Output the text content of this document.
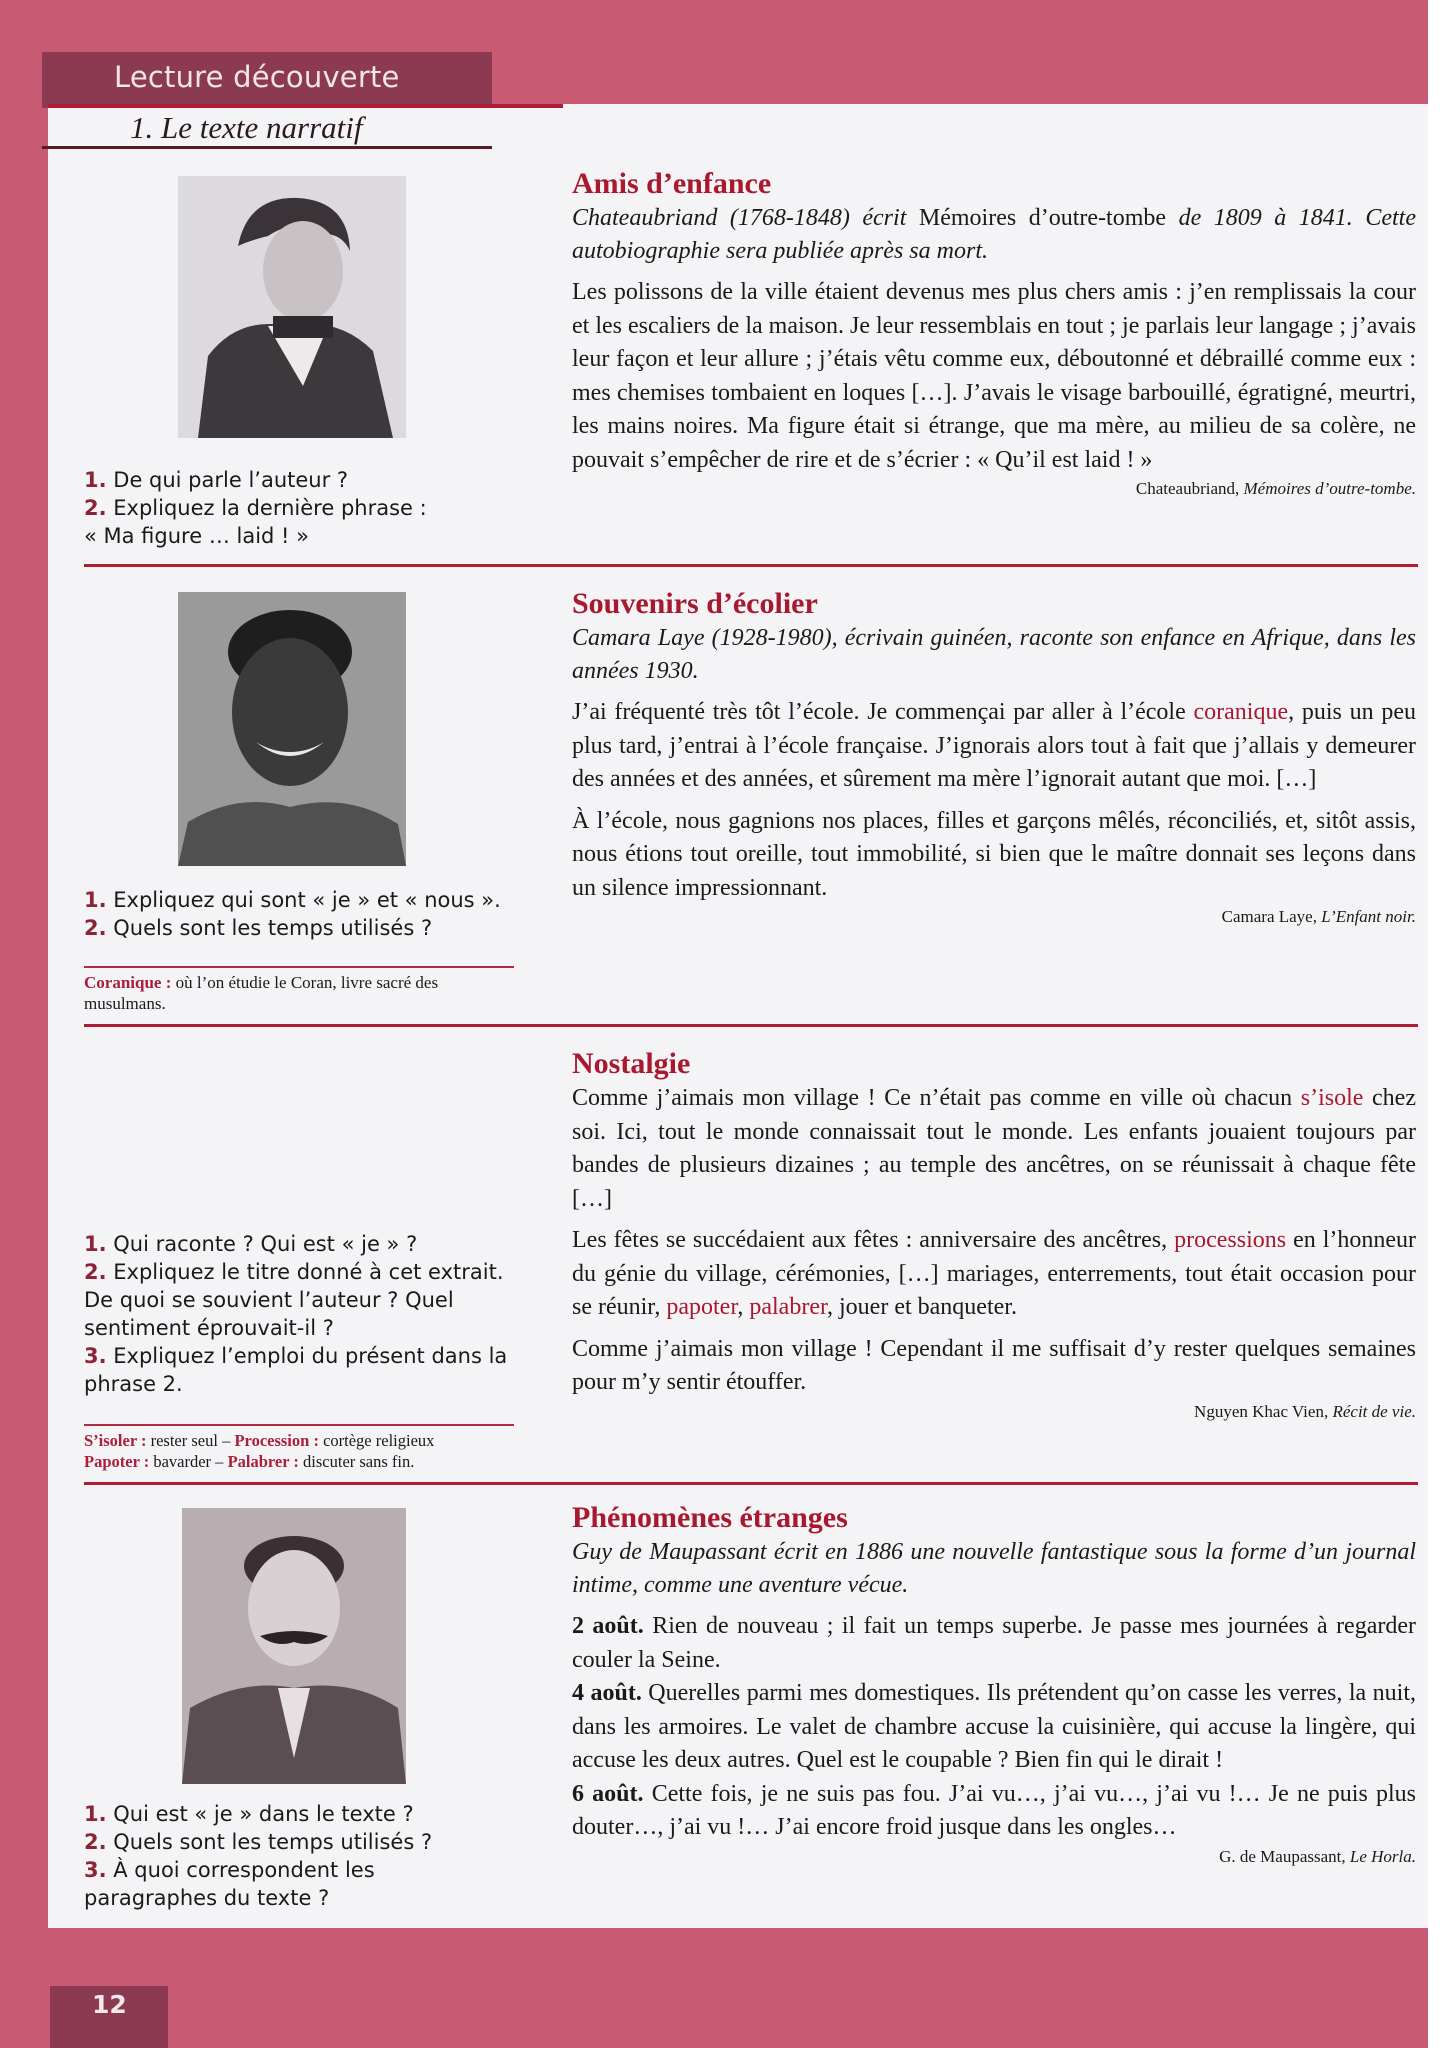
Lecture découverte
1. Le texte narratif
1. De qui parle l’auteur ?
2. Expliquez la dernière phrase :
« Ma figure … laid ! »
Amis d’enfance

Chateaubriand (1768-1848) écrit Mémoires d’outre-tombe de 1809 à 1841. Cette autobiographie sera publiée après sa mort.

Les polissons de la ville étaient devenus mes plus chers amis : j’en remplissais la cour et les escaliers de la maison. Je leur ressemblais en tout ; je parlais leur langage ; j’avais leur façon et leur allure ; j’étais vêtu comme eux, déboutonné et débraillé comme eux : mes chemises tombaient en loques […]. J’avais le visage barbouillé, égratigné, meurtri, les mains noires. Ma figure était si étrange, que ma mère, au milieu de sa colère, ne pouvait s’empêcher de rire et de s’écrier : « Qu’il est laid ! »

Chateaubriand, Mémoires d’outre-tombe.
1. Expliquez qui sont « je » et « nous ».
2. Quels sont les temps utilisés ?
Coranique : où l’on étudie le Coran, livre sacré des musulmans.
Souvenirs d’écolier

Camara Laye (1928-1980), écrivain guinéen, raconte son enfance en Afrique, dans les années 1930.

J’ai fréquenté très tôt l’école. Je commençai par aller à l’école coranique, puis un peu plus tard, j’entrai à l’école française. J’ignorais alors tout à fait que j’allais y demeurer des années et des années, et sûrement ma mère l’ignorait autant que moi. […]

À l’école, nous gagnions nos places, filles et garçons mêlés, réconciliés, et, sitôt assis, nous étions tout oreille, tout immobilité, si bien que le maître donnait ses leçons dans un silence impressionnant.

Camara Laye, L’Enfant noir.
1. Qui raconte ? Qui est « je » ?
2. Expliquez le titre donné à cet extrait. De quoi se souvient l’auteur ? Quel sentiment éprouvait-il ?
3. Expliquez l’emploi du présent dans la phrase 2.
S’isoler : rester seul – Procession : cortège religieux
Papoter : bavarder – Palabrer : discuter sans fin.
Nostalgie

Comme j’aimais mon village ! Ce n’était pas comme en ville où chacun s’isole chez soi. Ici, tout le monde connaissait tout le monde. Les enfants jouaient toujours par bandes de plusieurs dizaines ; au temple des ancêtres, on se réunissait à chaque fête […]

Les fêtes se succédaient aux fêtes : anniversaire des ancêtres, processions en l’honneur du génie du village, cérémonies, […] mariages, enterrements, tout était occasion pour se réunir, papoter, palabrer, jouer et banqueter.

Comme j’aimais mon village ! Cependant il me suffisait d’y rester quelques semaines pour m’y sentir étouffer.

Nguyen Khac Vien, Récit de vie.
1. Qui est « je » dans le texte ?
2. Quels sont les temps utilisés ?
3. À quoi correspondent les paragraphes du texte ?
Phénomènes étranges

Guy de Maupassant écrit en 1886 une nouvelle fantastique sous la forme d’un journal intime, comme une aventure vécue.

2 août. Rien de nouveau ; il fait un temps superbe. Je passe mes journées à regarder couler la Seine.

4 août. Querelles parmi mes domestiques. Ils prétendent qu’on casse les verres, la nuit, dans les armoires. Le valet de chambre accuse la cuisinière, qui accuse la lingère, qui accuse les deux autres. Quel est le coupable ? Bien fin qui le dirait !

6 août. Cette fois, je ne suis pas fou. J’ai vu…, j’ai vu…, j’ai vu !… Je ne puis plus douter…, j’ai vu !… J’ai encore froid jusque dans les ongles…

G. de Maupassant, Le Horla.
12
